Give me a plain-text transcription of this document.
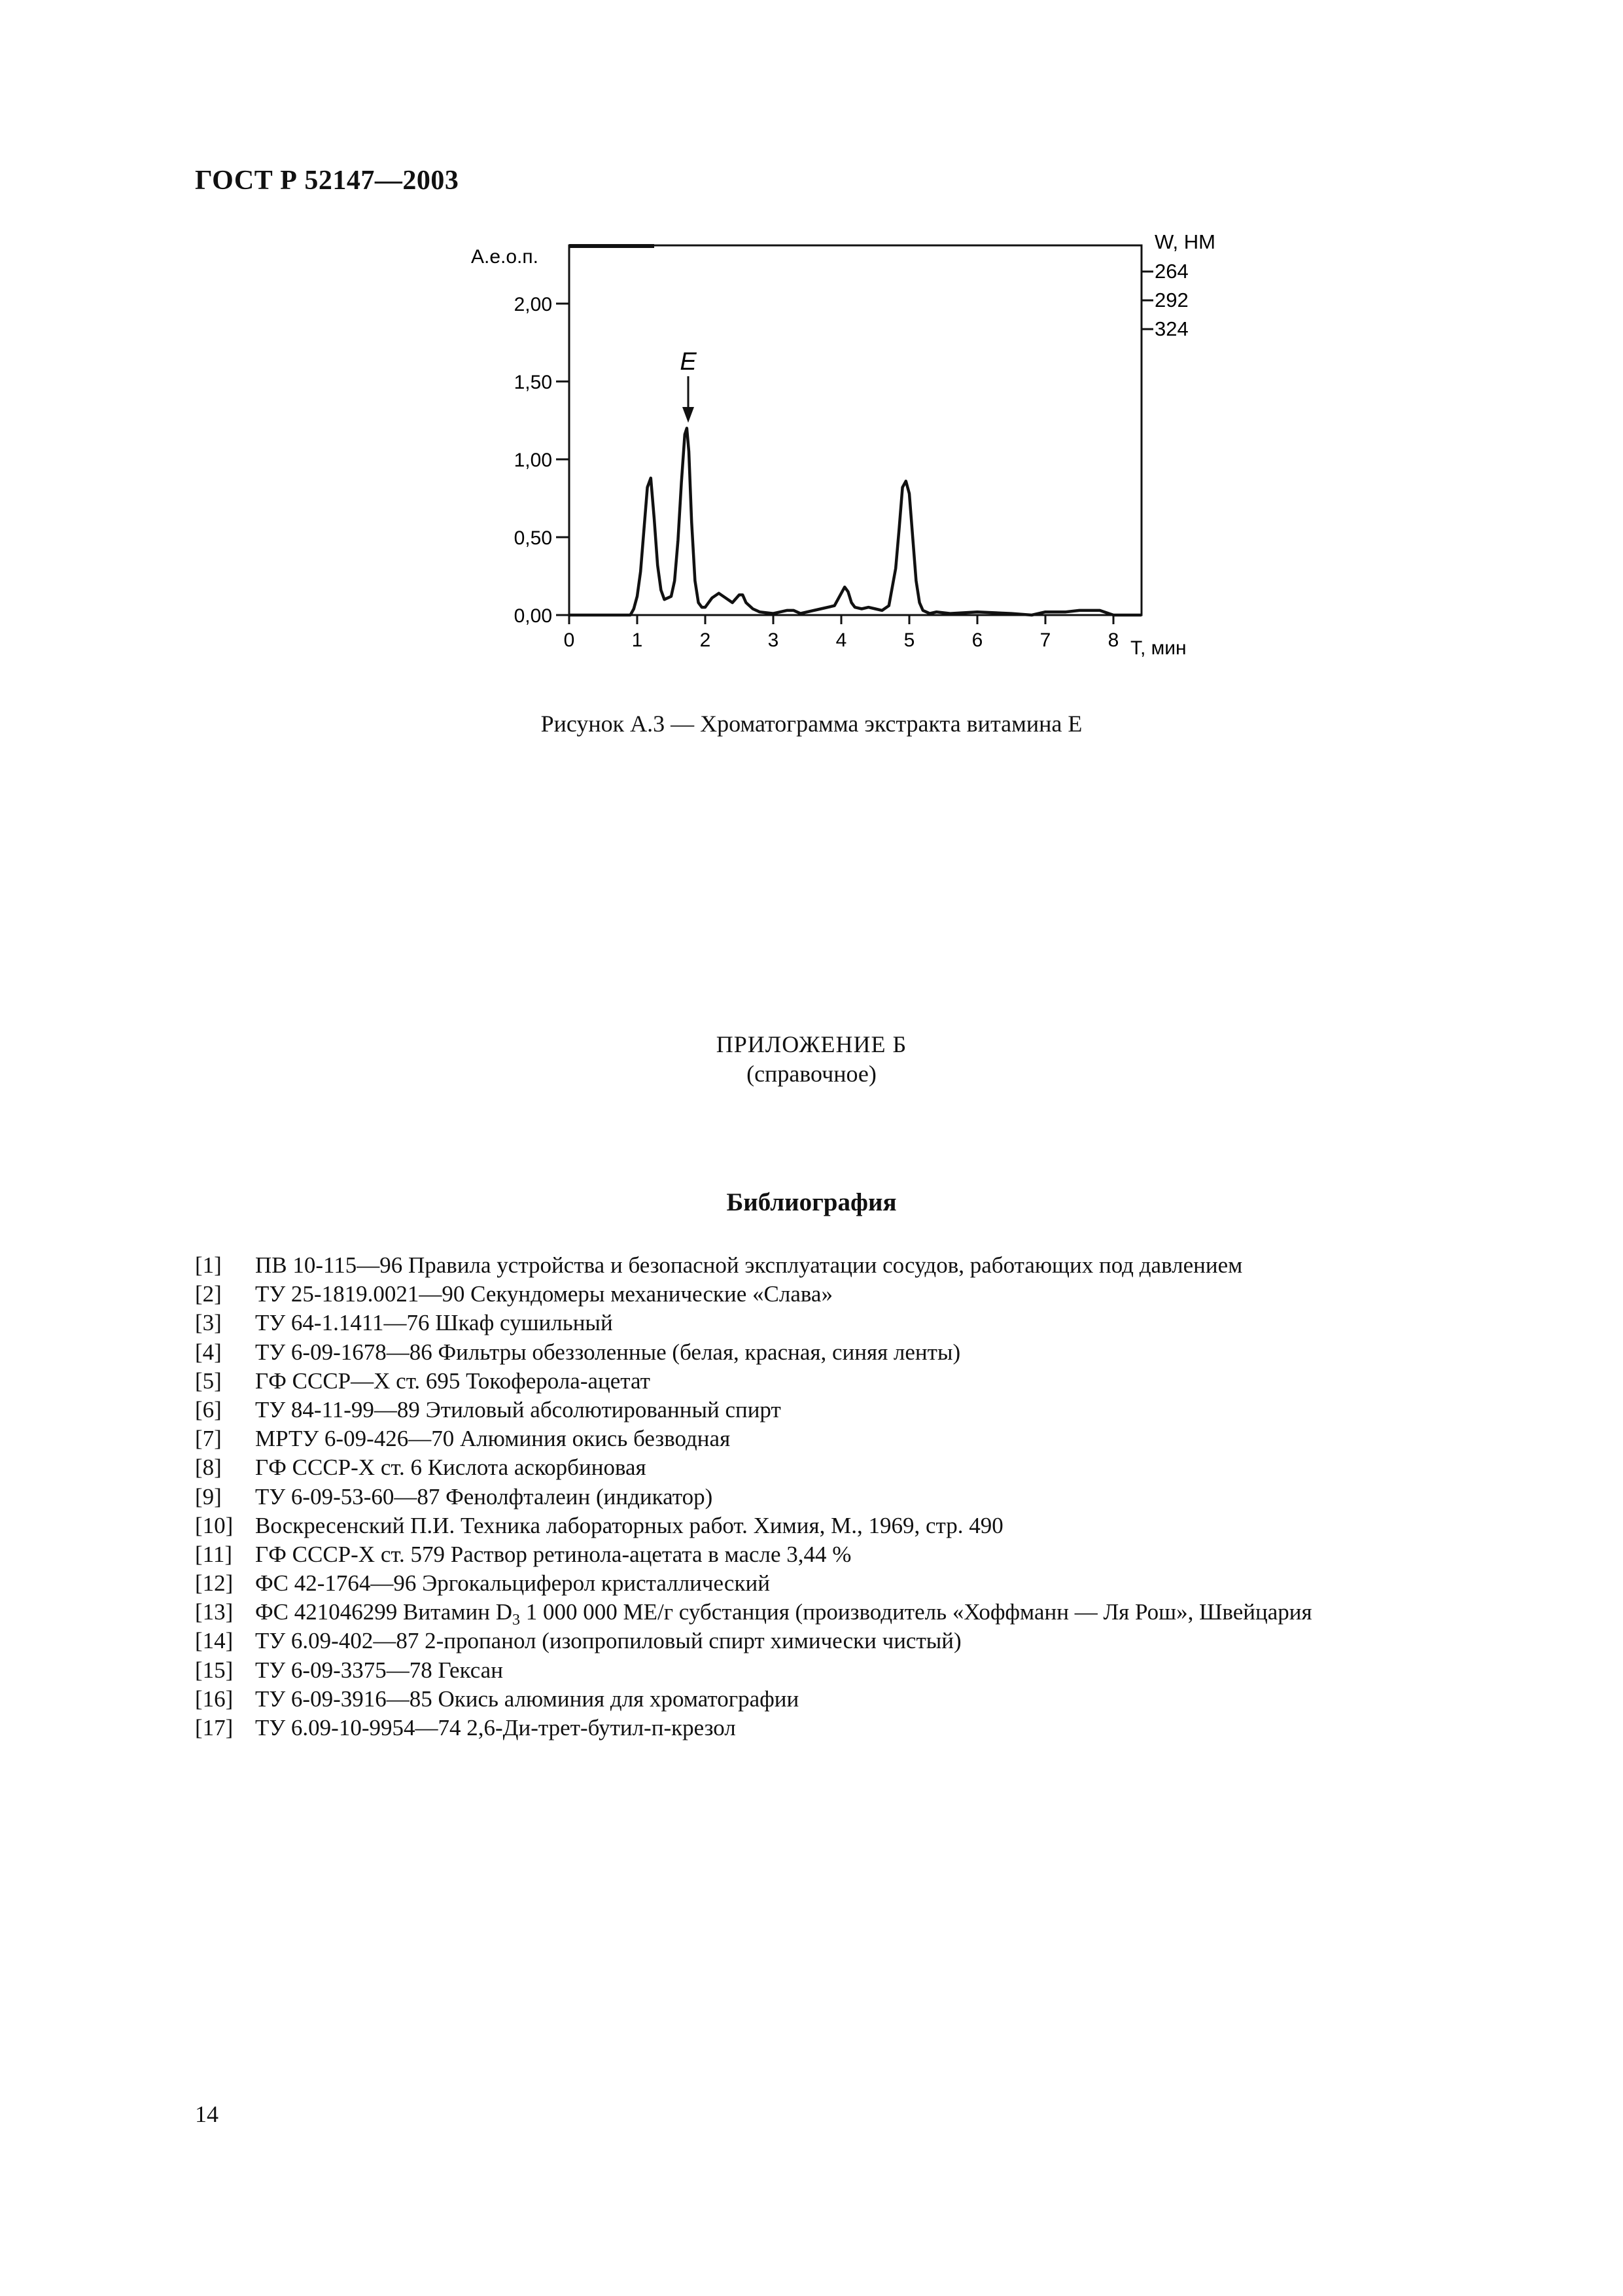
ГОСТ Р 52147—2003
0,00
0,50
1,00
1,50
2,00
0	1	2	3	4	5	6	7	8
W, НМ
264
292
324
E
А.е.о.п.
T, мин
Рисунок А.3 — Хроматограмма экстракта витамина Е
ПРИЛОЖЕНИЕ Б
(справочное)
Библиография
[1]	ПВ 10-115—96 Правила устройства и безопасной эксплуатации сосудов, работающих под давлением
[2]	ТУ 25-1819.0021—90 Секундомеры механические «Слава»
[3]	ТУ 64-1.1411—76 Шкаф сушильный
[4]	ТУ 6-09-1678—86 Фильтры обеззоленные (белая, красная, синяя ленты)
[5]	ГФ СССР—Х ст. 695 Токоферола-ацетат
[6]	ТУ 84-11-99—89 Этиловый абсолютированный спирт
[7]	МРТУ 6-09-426—70 Алюминия окись безводная
[8]	ГФ СССР-Х ст. 6 Кислота аскорбиновая
[9]	ТУ 6-09-53-60—87 Фенолфталеин (индикатор)
[10] Воскресенский П.И. Техника лабораторных работ. Химия, М., 1969, стр. 490
[11] ГФ СССР-Х ст. 579 Раствор ретинола-ацетата в масле 3,44 %
[12] ФС 42-1764—96 Эргокальциферол кристаллический
[13] ФС 421046299 Витамин $D_3$ 1 000 000 МЕ/г субстанция (производитель «Хоффманн — Ля Рош», Швейцария
[14] ТУ 6.09-402—87 2-пропанол (изопропиловый спирт химически чистый)
[15] ТУ 6-09-3375—78 Гексан
[16] ТУ 6-09-3916—85 Окись алюминия для хроматографии
[17] ТУ 6.09-10-9954—74 2,6-Ди-трет-бутил-п-крезол
14
